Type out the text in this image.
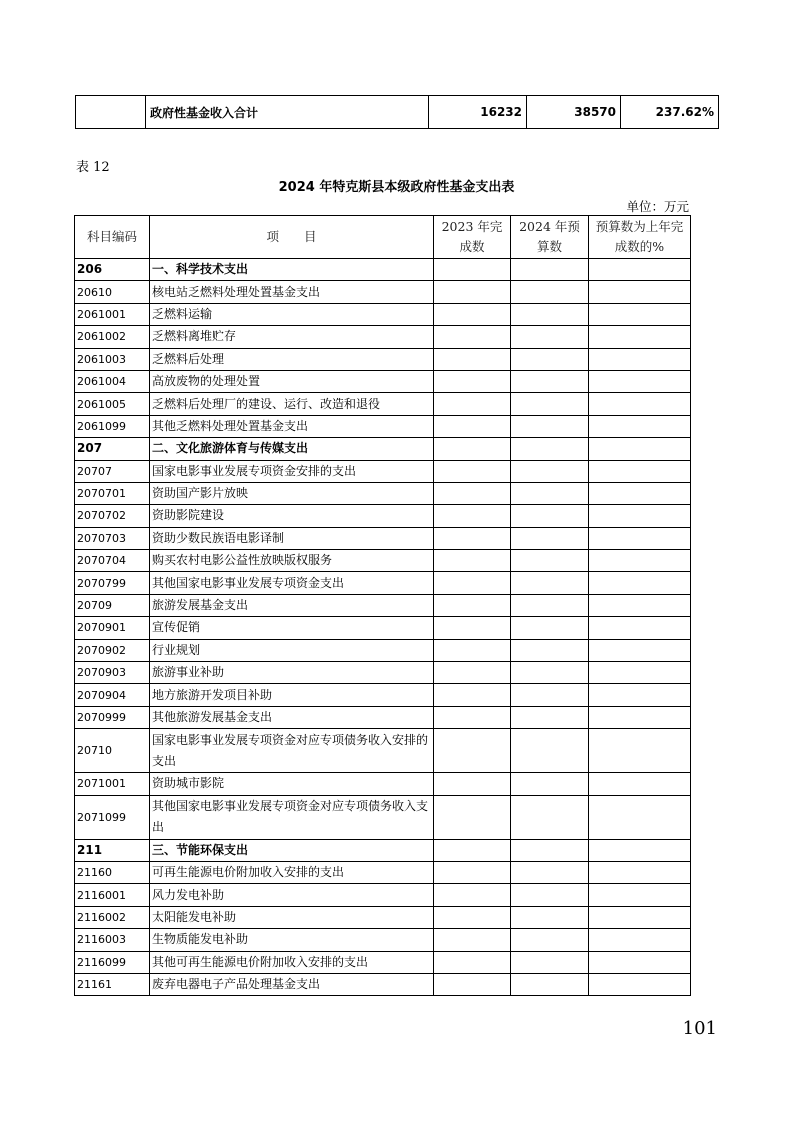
	政府性基金收入合计	16232	38570	237.62%
表 12
2024 年特克斯县本级政府性基金支出表
单位：万元
科目编码	项　　目	2023 年完成数	2024 年预算数	预算数为上年完成数的%
206	一、科学技术支出			
20610	核电站乏燃料处理处置基金支出			
2061001	乏燃料运输			
2061002	乏燃料离堆贮存			
2061003	乏燃料后处理			
2061004	高放废物的处理处置			
2061005	乏燃料后处理厂的建设、运行、改造和退役			
2061099	其他乏燃料处理处置基金支出			
207	二、文化旅游体育与传媒支出			
20707	国家电影事业发展专项资金安排的支出			
2070701	资助国产影片放映			
2070702	资助影院建设			
2070703	资助少数民族语电影译制			
2070704	购买农村电影公益性放映版权服务			
2070799	其他国家电影事业发展专项资金支出			
20709	旅游发展基金支出			
2070901	宣传促销			
2070902	行业规划			
2070903	旅游事业补助			
2070904	地方旅游开发项目补助			
2070999	其他旅游发展基金支出			
20710	国家电影事业发展专项资金对应专项债务收入安排的支出			
2071001	资助城市影院			
2071099	其他国家电影事业发展专项资金对应专项债务收入支出			
211	三、节能环保支出			
21160	可再生能源电价附加收入安排的支出			
2116001	风力发电补助			
2116002	太阳能发电补助			
2116003	生物质能发电补助			
2116099	其他可再生能源电价附加收入安排的支出			
21161	废弃电器电子产品处理基金支出			
101
